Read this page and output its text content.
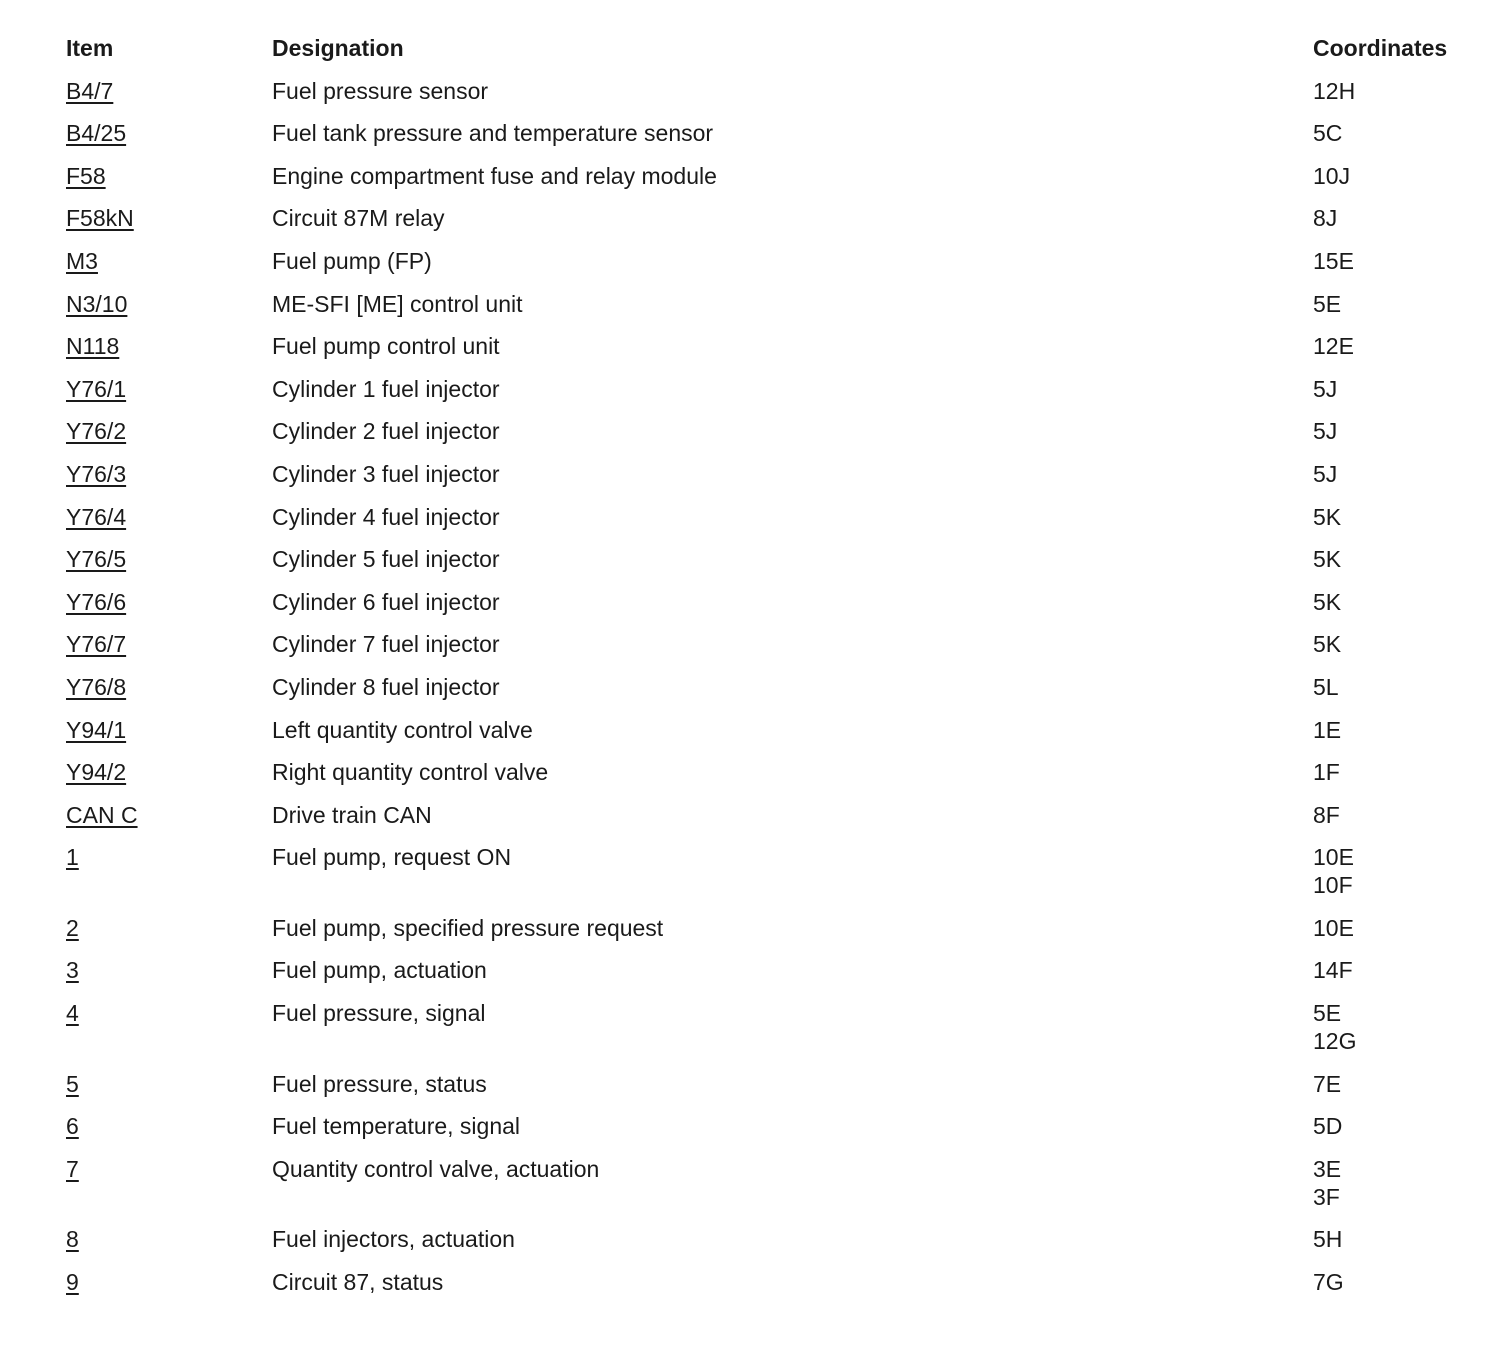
Item	Designation	Coordinates
B4/7	Fuel pressure sensor	12H
B4/25	Fuel tank pressure and temperature sensor	5C
F58	Engine compartment fuse and relay module	10J
F58kN	Circuit 87M relay	8J
M3	Fuel pump (FP)	15E
N3/10	ME-SFI [ME] control unit	5E
N118	Fuel pump control unit	12E
Y76/1	Cylinder 1 fuel injector	5J
Y76/2	Cylinder 2 fuel injector	5J
Y76/3	Cylinder 3 fuel injector	5J
Y76/4	Cylinder 4 fuel injector	5K
Y76/5	Cylinder 5 fuel injector	5K
Y76/6	Cylinder 6 fuel injector	5K
Y76/7	Cylinder 7 fuel injector	5K
Y76/8	Cylinder 8 fuel injector	5L
Y94/1	Left quantity control valve	1E
Y94/2	Right quantity control valve	1F
CAN C	Drive train CAN	8F
1	Fuel pump, request ON	10E
10F
2	Fuel pump, specified pressure request	10E
3	Fuel pump, actuation	14F
4	Fuel pressure, signal	5E
12G
5	Fuel pressure, status	7E
6	Fuel temperature, signal	5D
7	Quantity control valve, actuation	3E
3F
8	Fuel injectors, actuation	5H
9	Circuit 87, status	7G
